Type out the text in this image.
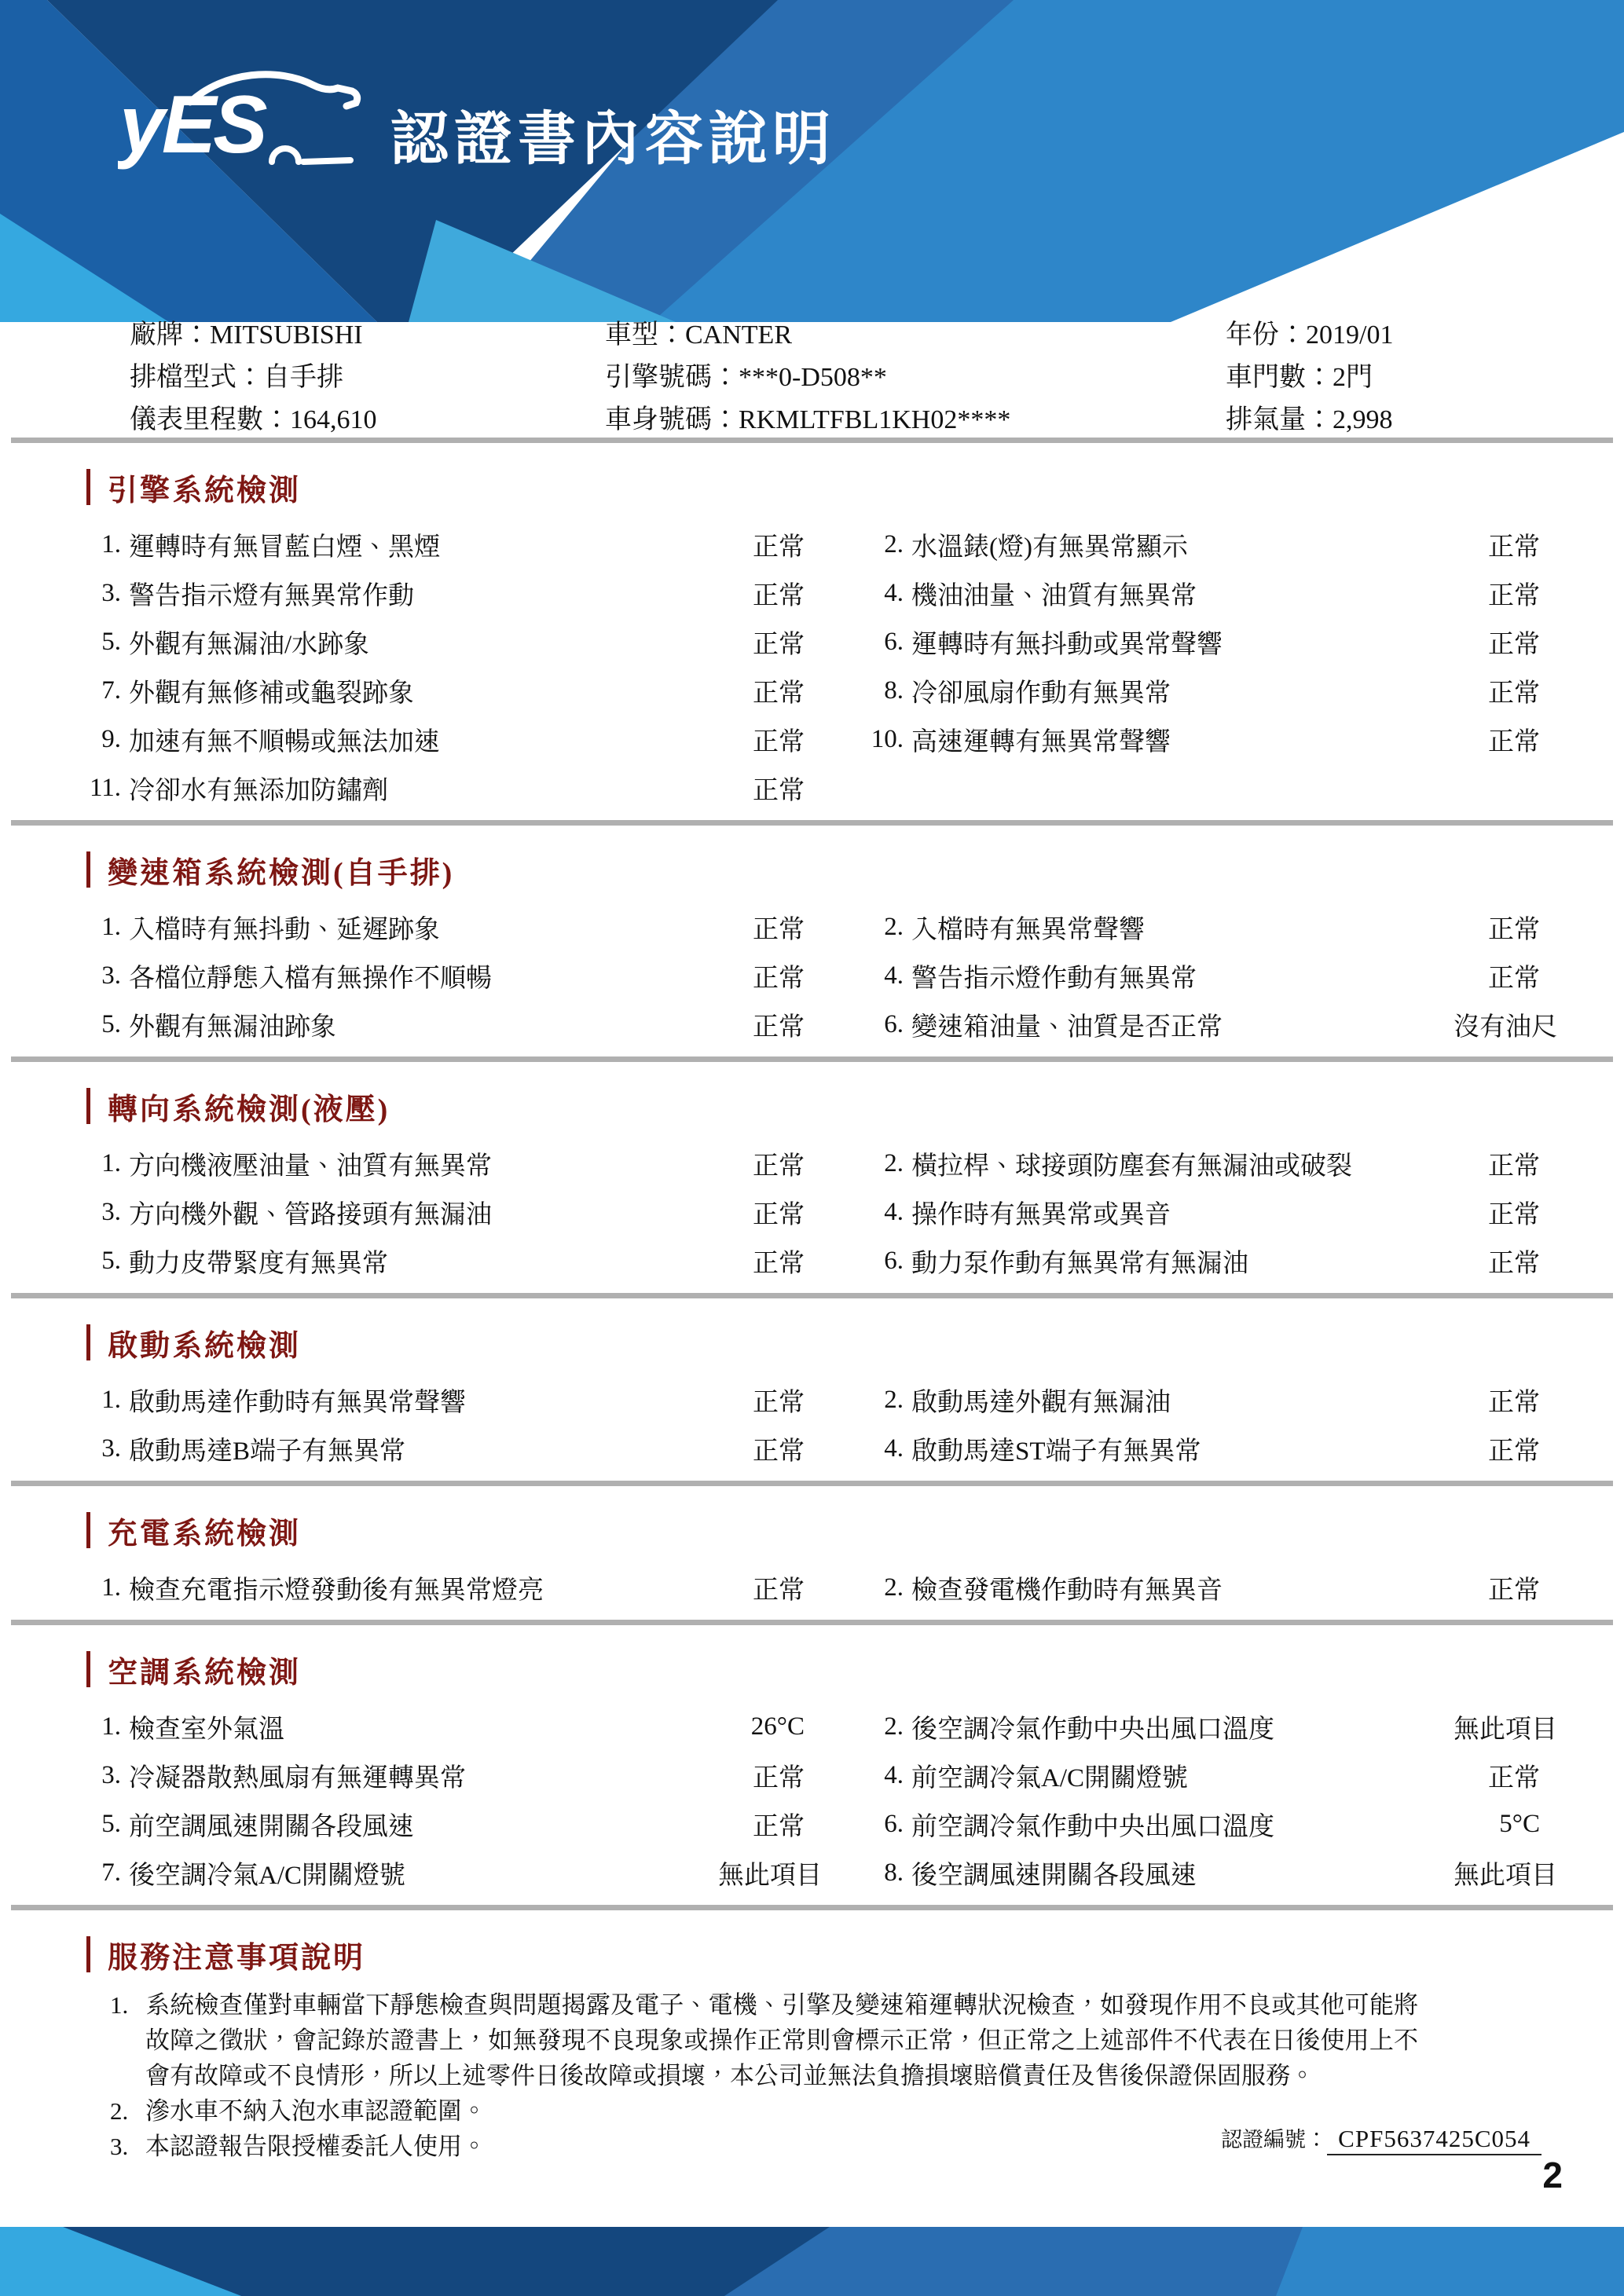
yES 認證書內容說明
廠牌：MITSUBISHI	車型：CANTER	年份：2019/01
排檔型式：自手排	引擎號碼：***0-D508**	車門數：2門
儀表里程數：164,610	車身號碼：RKMLTFBL1KH02****	排氣量：2,998
引擎系統檢測
1. 運轉時有無冒藍白煙、黑煙	正常	2. 水溫錶(燈)有無異常顯示	正常
3. 警告指示燈有無異常作動	正常	4. 機油油量、油質有無異常	正常
5. 外觀有無漏油/水跡象	正常	6. 運轉時有無抖動或異常聲響	正常
7. 外觀有無修補或龜裂跡象	正常	8. 冷卻風扇作動有無異常	正常
9. 加速有無不順暢或無法加速	正常	10. 高速運轉有無異常聲響	正常
11. 冷卻水有無添加防鏽劑	正常
變速箱系統檢測(自手排)
1. 入檔時有無抖動、延遲跡象	正常	2. 入檔時有無異常聲響	正常
3. 各檔位靜態入檔有無操作不順暢	正常	4. 警告指示燈作動有無異常	正常
5. 外觀有無漏油跡象	正常	6. 變速箱油量、油質是否正常	沒有油尺
轉向系統檢測(液壓)
1. 方向機液壓油量、油質有無異常	正常	2. 橫拉桿、球接頭防塵套有無漏油或破裂	正常
3. 方向機外觀、管路接頭有無漏油	正常	4. 操作時有無異常或異音	正常
5. 動力皮帶緊度有無異常	正常	6. 動力泵作動有無異常有無漏油	正常
啟動系統檢測
1. 啟動馬達作動時有無異常聲響	正常	2. 啟動馬達外觀有無漏油	正常
3. 啟動馬達B端子有無異常	正常	4. 啟動馬達ST端子有無異常	正常
充電系統檢測
1. 檢查充電指示燈發動後有無異常燈亮	正常	2. 檢查發電機作動時有無異音	正常
空調系統檢測
1. 檢查室外氣溫	26°C	2. 後空調冷氣作動中央出風口溫度	無此項目
3. 冷凝器散熱風扇有無運轉異常	正常	4. 前空調冷氣A/C開關燈號	正常
5. 前空調風速開關各段風速	正常	6. 前空調冷氣作動中央出風口溫度	5°C
7. 後空調冷氣A/C開關燈號	無此項目	8. 後空調風速開關各段風速	無此項目
服務注意事項說明
1. 系統檢查僅對車輛當下靜態檢查與問題揭露及電子、電機、引擎及變速箱運轉狀況檢查，如發現作用不良或其他可能將故障之徵狀，會記錄於證書上，如無發現不良現象或操作正常則會標示正常，但正常之上述部件不代表在日後使用上不會有故障或不良情形，所以上述零件日後故障或損壞，本公司並無法負擔損壞賠償責任及售後保證保固服務。
2. 滲水車不納入泡水車認證範圍。
3. 本認證報告限授權委託人使用。	認證編號： CPF5637425C054
2
